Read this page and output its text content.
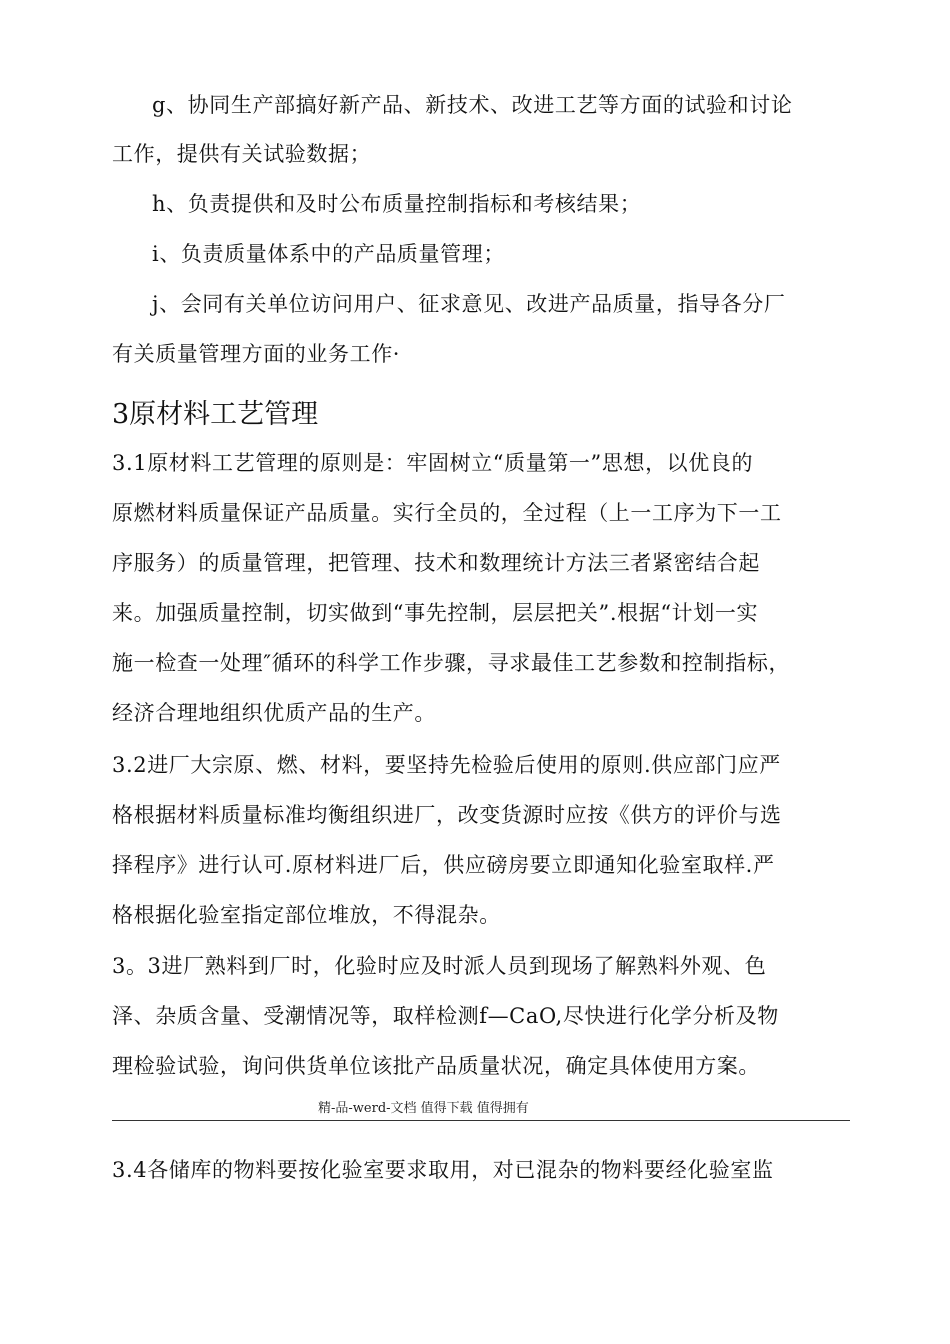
g、协同生产部搞好新产品、新技术、改进工艺等方面的试验和讨论
工作，提供有关试验数据；
h、负责提供和及时公布质量控制指标和考核结果；
i、负责质量体系中的产品质量管理；
j、会同有关单位访问用户、征求意见、改进产品质量，指导各分厂
有关质量管理方面的业务工作·
3原材料工艺管理
3.1原材料工艺管理的原则是：牢固树立“质量第一”思想，以优良的
原燃材料质量保证产品质量。实行全员的，全过程（上一工序为下一工
序服务）的质量管理，把管理、技术和数理统计方法三者紧密结合起
来。加强质量控制，切实做到“事先控制，层层把关”.根据“计划一实
施一检查一处理″循环的科学工作步骤，寻求最佳工艺参数和控制指标，
经济合理地组织优质产品的生产。
3.2进厂大宗原、燃、材料，要坚持先检验后使用的原则.供应部门应严
格根据材料质量标准均衡组织进厂，改变货源时应按《供方的评价与选
择程序》进行认可.原材料进厂后，供应磅房要立即通知化验室取样.严
格根据化验室指定部位堆放，不得混杂。
3。3进厂熟料到厂时，化验时应及时派人员到现场了解熟料外观、色
泽、杂质含量、受潮情况等，取样检测f—CaO,尽快进行化学分析及物
理检验试验，询问供货单位该批产品质量状况，确定具体使用方案。
精-品-werd-文档 值得下载 值得拥有
3.4各储库的物料要按化验室要求取用，对已混杂的物料要经化验室监
